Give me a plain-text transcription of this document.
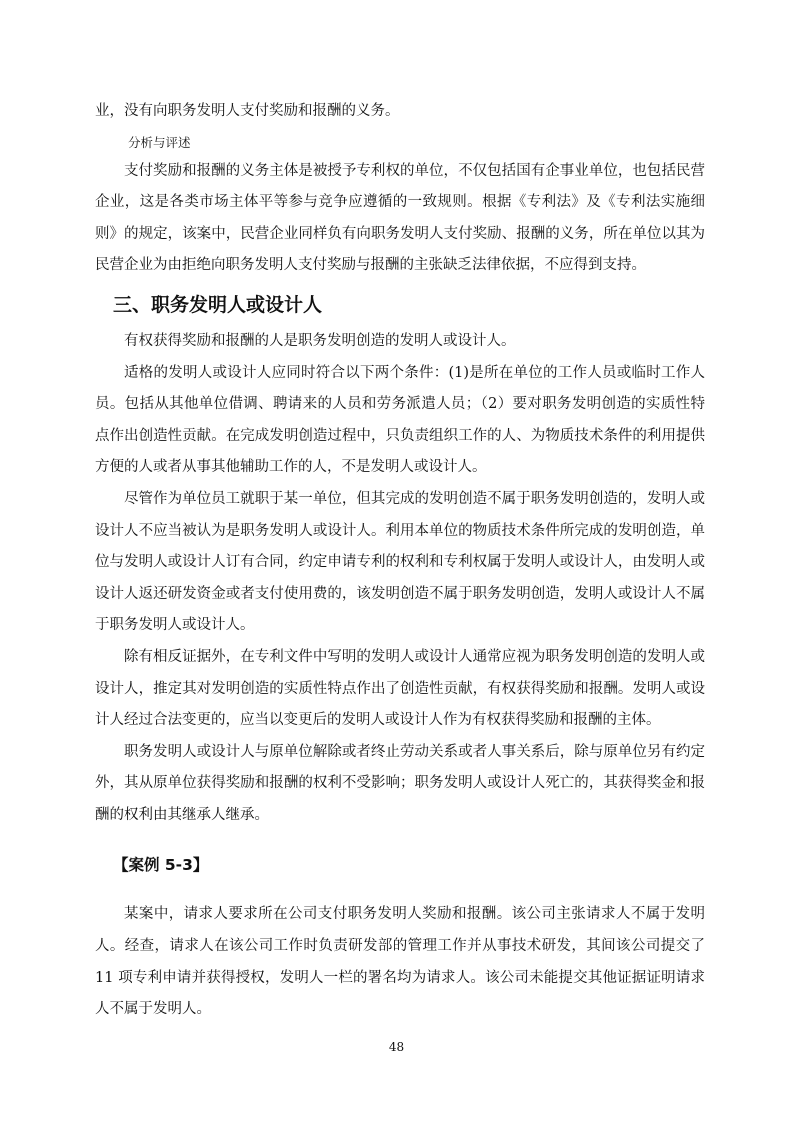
业，没有向职务发明人支付奖励和报酬的义务。

分析与评述

支付奖励和报酬的义务主体是被授予专利权的单位，不仅包括国有企事业单位，也包括民营企业，这是各类市场主体平等参与竞争应遵循的一致规则。根据《专利法》及《专利法实施细则》的规定，该案中，民营企业同样负有向职务发明人支付奖励、报酬的义务，所在单位以其为民营企业为由拒绝向职务发明人支付奖励与报酬的主张缺乏法律依据，不应得到支持。

三、职务发明人或设计人

有权获得奖励和报酬的人是职务发明创造的发明人或设计人。

适格的发明人或设计人应同时符合以下两个条件：(1)是所在单位的工作人员或临时工作人员。包括从其他单位借调、聘请来的人员和劳务派遣人员；（2）要对职务发明创造的实质性特点作出创造性贡献。在完成发明创造过程中，只负责组织工作的人、为物质技术条件的利用提供方便的人或者从事其他辅助工作的人，不是发明人或设计人。

尽管作为单位员工就职于某一单位，但其完成的发明创造不属于职务发明创造的，发明人或设计人不应当被认为是职务发明人或设计人。利用本单位的物质技术条件所完成的发明创造，单位与发明人或设计人订有合同，约定申请专利的权利和专利权属于发明人或设计人，由发明人或设计人返还研发资金或者支付使用费的，该发明创造不属于职务发明创造，发明人或设计人不属于职务发明人或设计人。

除有相反证据外，在专利文件中写明的发明人或设计人通常应视为职务发明创造的发明人或设计人，推定其对发明创造的实质性特点作出了创造性贡献，有权获得奖励和报酬。发明人或设计人经过合法变更的，应当以变更后的发明人或设计人作为有权获得奖励和报酬的主体。

职务发明人或设计人与原单位解除或者终止劳动关系或者人事关系后，除与原单位另有约定外，其从原单位获得奖励和报酬的权利不受影响；职务发明人或设计人死亡的，其获得奖金和报酬的权利由其继承人继承。

【案例 5-3】

某案中，请求人要求所在公司支付职务发明人奖励和报酬。该公司主张请求人不属于发明人。经查，请求人在该公司工作时负责研发部的管理工作并从事技术研发，其间该公司提交了 11 项专利申请并获得授权，发明人一栏的署名均为请求人。该公司未能提交其他证据证明请求人不属于发明人。

48
